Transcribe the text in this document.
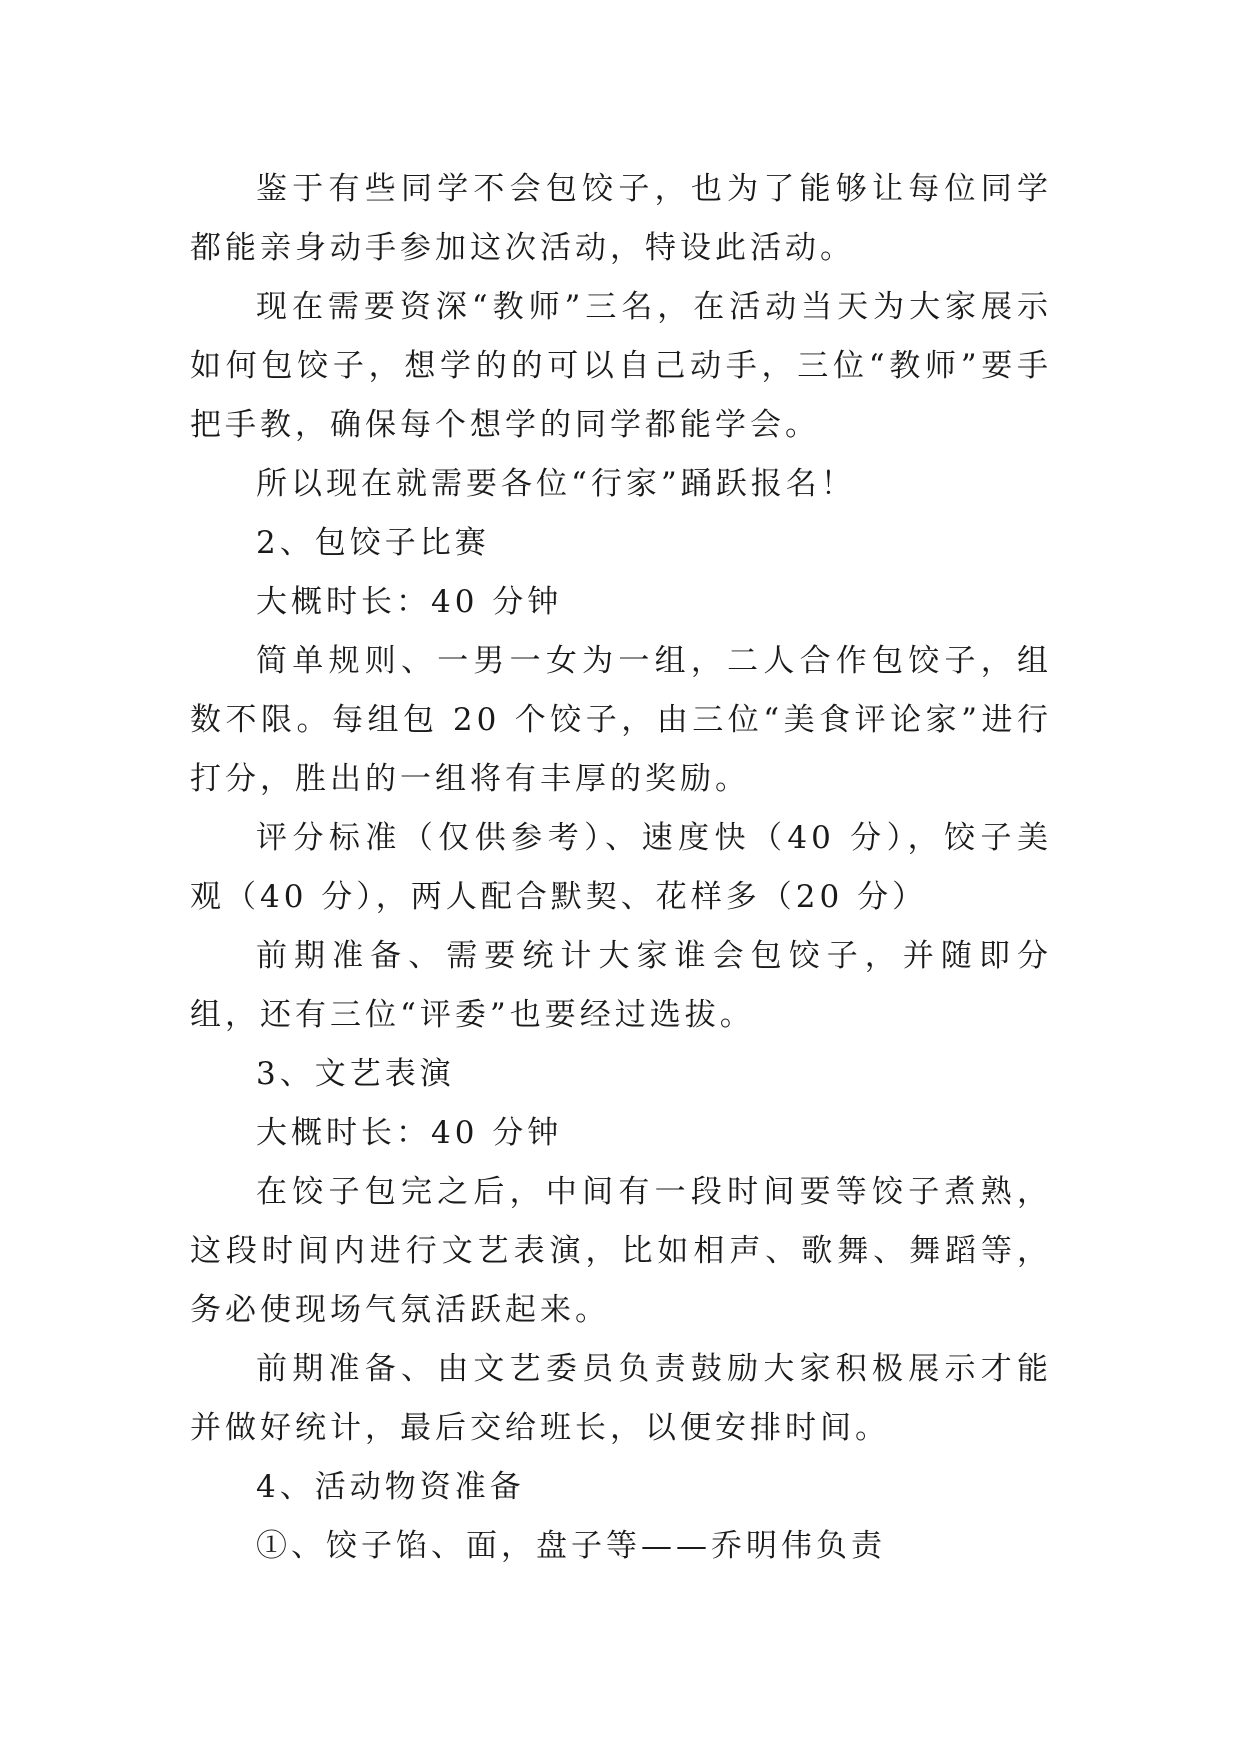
鉴于有些同学不会包饺子，也为了能够让每位同学都能亲身动手参加这次活动，特设此活动。

现在需要资深“教师”三名，在活动当天为大家展示如何包饺子，想学的的可以自己动手，三位“教师”要手把手教，确保每个想学的同学都能学会。

所以现在就需要各位“行家”踊跃报名！

2、包饺子比赛

大概时长：40 分钟

简单规则、一男一女为一组，二人合作包饺子，组数不限。每组包 20 个饺子，由三位“美食评论家”进行打分，胜出的一组将有丰厚的奖励。

评分标准（仅供参考）、速度快（40 分），饺子美观（40 分），两人配合默契、花样多（20 分）

前期准备、需要统计大家谁会包饺子，并随即分组，还有三位“评委”也要经过选拔。

3、文艺表演

大概时长：40 分钟

在饺子包完之后，中间有一段时间要等饺子煮熟，这段时间内进行文艺表演，比如相声、歌舞、舞蹈等，务必使现场气氛活跃起来。

前期准备、由文艺委员负责鼓励大家积极展示才能并做好统计，最后交给班长，以便安排时间。

4、活动物资准备

①、饺子馅、面，盘子等——乔明伟负责
